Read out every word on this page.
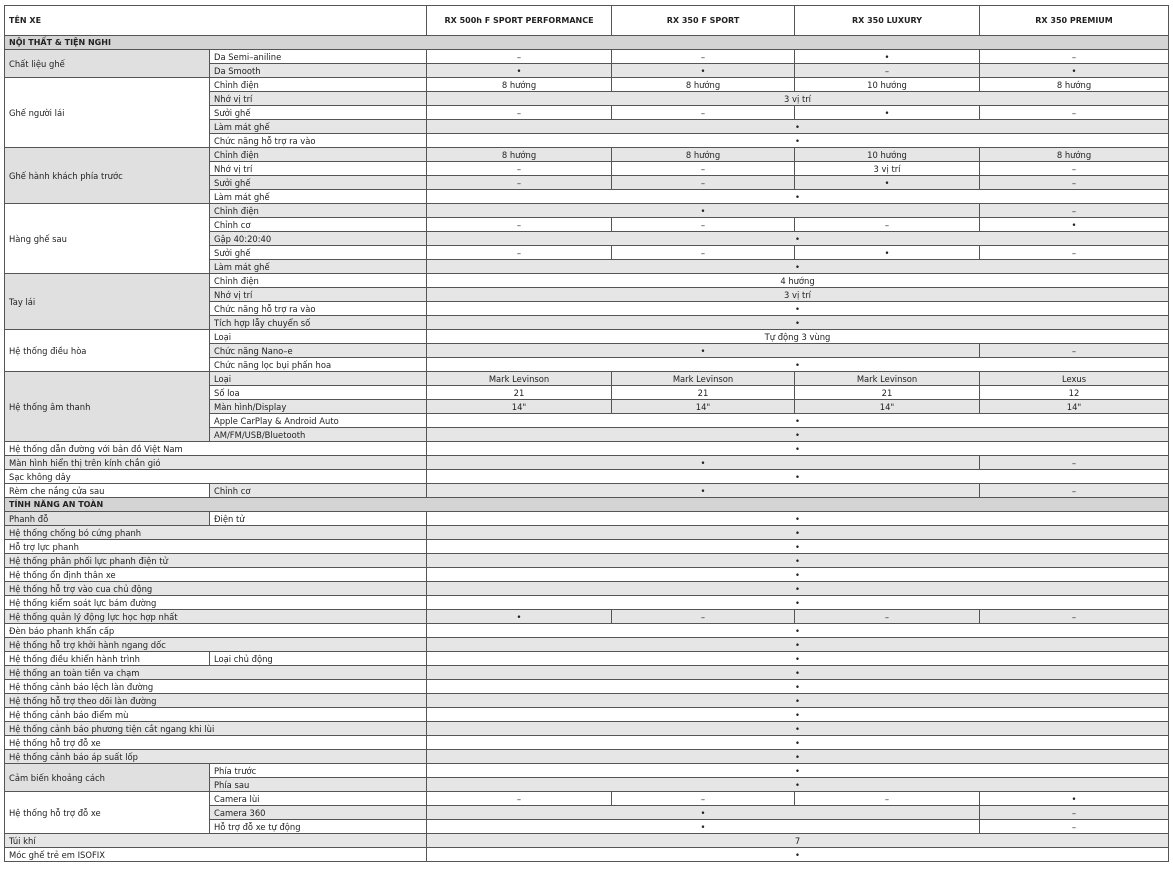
TÊN XE		RX 500h F SPORT PERFORMANCE	RX 350 F SPORT	RX 350 LUXURY	RX 350 PREMIUM
NỘI THẤT & TIỆN NGHI					
Chất liệu ghế	Da Semi–aniline	–	–	•	–
	Da Smooth	•	•	–	•
Ghế người lái	Chỉnh điện	8 hướng	8 hướng	10 hướng	8 hướng
	Nhớ vị trí	3 vị trí			
	Sưởi ghế	–	–	•	–
	Làm mát ghế	•			
	Chức năng hỗ trợ ra vào	•			
Ghế hành khách phía trước	Chỉnh điện	8 hướng	8 hướng	10 hướng	8 hướng
	Nhớ vị trí	–	–	3 vị trí	–
	Sưởi ghế	–	–	•	–
	Làm mát ghế	•			
Hàng ghế sau	Chỉnh điện	•			–
	Chỉnh cơ	–	–	–	•
	Gập 40:20:40	•			
	Sưởi ghế	–	–	•	–
	Làm mát ghế	•			
Tay lái	Chỉnh điện	4 hướng			
	Nhớ vị trí	3 vị trí			
	Chức năng hỗ trợ ra vào	•			
	Tích hợp lẫy chuyển số	•			
Hệ thống điều hòa	Loại	Tự động 3 vùng			
	Chức năng Nano–e	•			–
	Chức năng lọc bụi phấn hoa	•			
Hệ thống âm thanh	Loại	Mark Levinson	Mark Levinson	Mark Levinson	Lexus
	Số loa	21	21	21	12
	Màn hình/Display	14"	14"	14"	14"
	Apple CarPlay & Android Auto	•			
	AM/FM/USB/Bluetooth	•			
Hệ thống dẫn đường với bản đồ Việt Nam		•			
Màn hình hiển thị trên kính chắn gió		•			–
Sạc không dây		•			
Rèm che nắng cửa sau	Chỉnh cơ	•			–
TÍNH NĂNG AN TOÀN					
Phanh đỗ	Điện tử	•			
Hệ thống chống bó cứng phanh		•			
Hỗ trợ lực phanh		•			
Hệ thống phân phối lực phanh điện tử		•			
Hệ thống ổn định thân xe		•			
Hệ thống hỗ trợ vào cua chủ động		•			
Hệ thống kiểm soát lực bám đường		•			
Hệ thống quản lý động lực học hợp nhất		•	–	–	–
Đèn báo phanh khẩn cấp		•			
Hệ thống hỗ trợ khởi hành ngang dốc		•			
Hệ thống điều khiển hành trình	Loại chủ động	•			
Hệ thống an toàn tiền va chạm		•			
Hệ thống cảnh báo lệch làn đường		•			
Hệ thống hỗ trợ theo dõi làn đường		•			
Hệ thống cảnh báo điểm mù		•			
Hệ thống cảnh báo phương tiện cắt ngang khi lùi		•			
Hệ thống hỗ trợ đỗ xe		•			
Hệ thống cảnh báo áp suất lốp		•			
Cảm biến khoảng cách	Phía trước	•			
	Phía sau	•			
Hệ thống hỗ trợ đỗ xe	Camera lùi	–	–	–	•
	Camera 360	•			–
	Hỗ trợ đỗ xe tự động	•			–
Túi khí		7			
Móc ghế trẻ em ISOFIX		•			
